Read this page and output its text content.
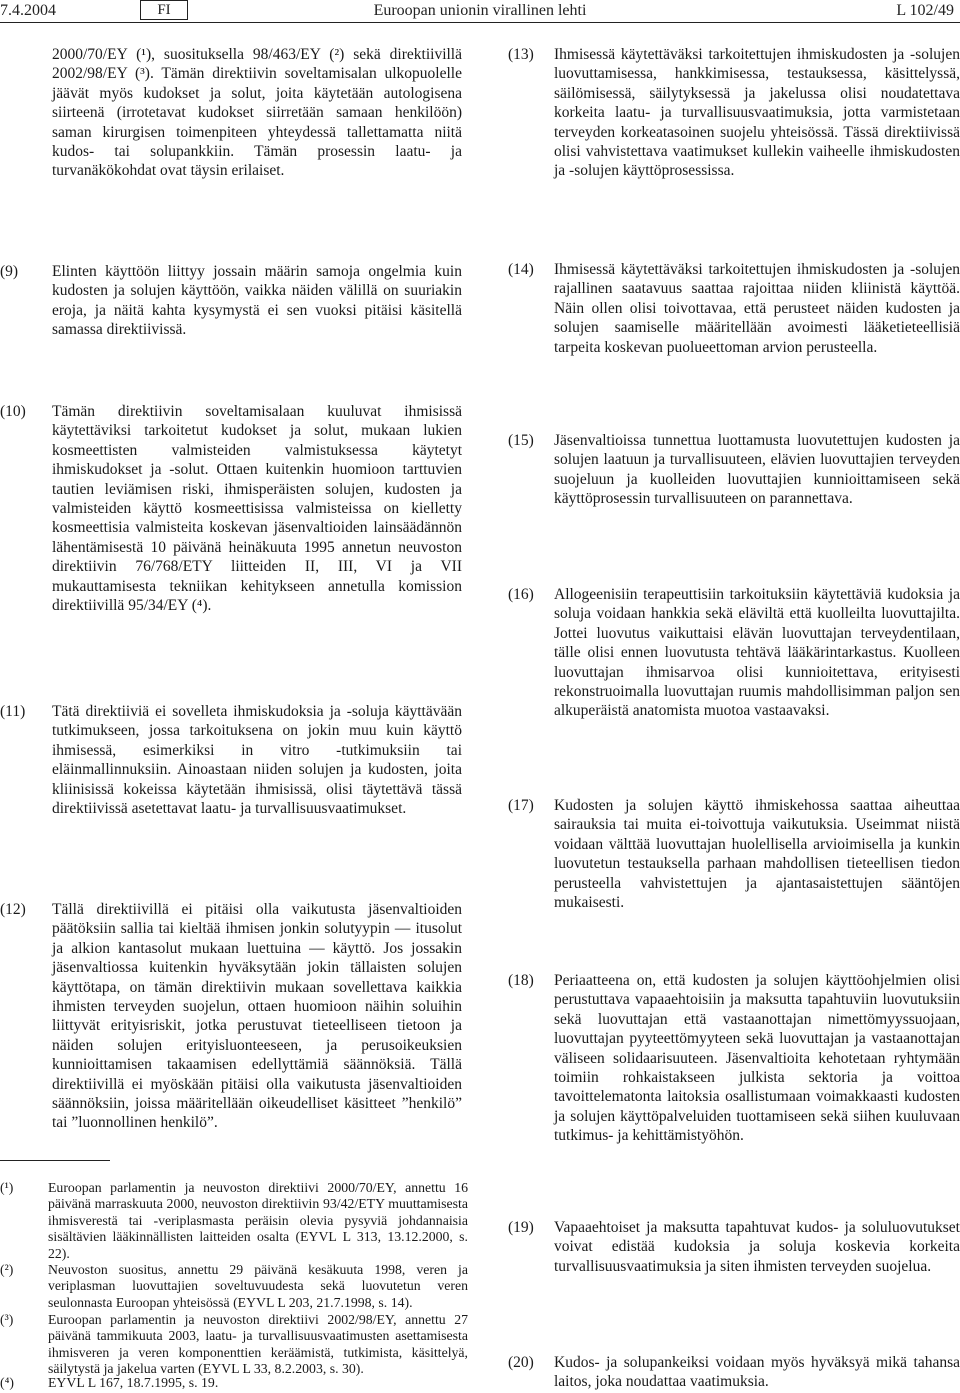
7.4.2004	FI	Euroopan unionin virallinen lehti	L 102/49
2000/70/EY (¹), suosituksella 98/463/EY (²) sekä direktiivillä 2002/98/EY (³). Tämän direktiivin soveltamisalan ulkopuolelle jäävät myös kudokset ja solut, joita käytetään autologisena siirteenä (irrotetavat kudokset siirretään samaan henkilöön) saman kirurgisen toimenpiteen yhteydessä tallettamatta niitä kudos- tai solupankkiin. Tämän prosessin laatu- ja turvanäkökohdat ovat täysin erilaiset.
(9) Elinten käyttöön liittyy jossain määrin samoja ongelmia kuin kudosten ja solujen käyttöön, vaikka näiden välillä on suuriakin eroja, ja näitä kahta kysymystä ei sen vuoksi pitäisi käsitellä samassa direktiivissä.
(10) Tämän direktiivin soveltamisalaan kuuluvat ihmisissä käytettäviksi tarkoitetut kudokset ja solut, mukaan lukien kosmeettisten valmisteiden valmistuksessa käytetyt ihmiskudokset ja -solut. Ottaen kuitenkin huomioon tarttuvien tautien leviämisen riski, ihmisperäisten solujen, kudosten ja valmisteiden käyttö kosmeettisissa valmisteissa on kielletty kosmeettisia valmisteita koskevan jäsenvaltioiden lainsäädännön lähentämisestä 10 päivänä heinäkuuta 1995 annetun neuvoston direktiivin 76/768/ETY liitteiden II, III, VI ja VII mukauttamisesta tekniikan kehitykseen annetulla komission direktiivillä 95/34/EY (⁴).
(11) Tätä direktiiviä ei sovelleta ihmiskudoksia ja -soluja käyttävään tutkimukseen, jossa tarkoituksena on jokin muu kuin käyttö ihmisessä, esimerkiksi in vitro -tutkimuksiin tai eläinmallinnuksiin. Ainoastaan niiden solujen ja kudosten, joita kliinisissä kokeissa käytetään ihmisissä, olisi täytettävä tässä direktiivissä asetettavat laatu- ja turvallisuusvaatimukset.
(12) Tällä direktiivillä ei pitäisi olla vaikutusta jäsenvaltioiden päätöksiin sallia tai kieltää ihmisen jonkin solutyypin — itusolut ja alkion kantasolut mukaan luettuina — käyttö. Jos jossakin jäsenvaltiossa kuitenkin hyväksytään jokin tällaisten solujen käyttötapa, on tämän direktiivin mukaan sovellettava kaikkia ihmisten terveyden suojelun, ottaen huomioon näihin soluihin liittyvät erityisriskit, jotka perustuvat tieteelliseen tietoon ja näiden solujen erityisluonteeseen, ja perusoikeuksien kunnioittamisen takaamisen edellyttämiä säännöksiä. Tällä direktiivillä ei myöskään pitäisi olla vaikutusta jäsenvaltioiden säännöksiin, joissa määritellään oikeudelliset käsitteet ”henkilö” tai ”luonnollinen henkilö”.
(¹)	Euroopan parlamentin ja neuvoston direktiivi 2000/70/EY, annettu 16 päivänä marraskuuta 2000, neuvoston direktiivin 93/42/ETY muuttamisesta ihmisverestä tai -veriplasmasta peräisin olevia pysyviä johdannaisia sisältävien lääkinnällisten laitteiden osalta (EYVL L 313, 13.12.2000, s. 22).
(²)	Neuvoston suositus, annettu 29 päivänä kesäkuuta 1998, veren ja veriplasman luovuttajien soveltuvuudesta sekä luovutetun veren seulonnasta Euroopan yhteisössä (EYVL L 203, 21.7.1998, s. 14).
(³)	Euroopan parlamentin ja neuvoston direktiivi 2002/98/EY, annettu 27 päivänä tammikuuta 2003, laatu- ja turvallisuusvaatimusten asettamisesta ihmisveren ja veren komponenttien keräämistä, tutkimista, käsittelyä, säilytystä ja jakelua varten (EYVL L 33, 8.2.2003, s. 30).
(⁴) EYVL L 167, 18.7.1995, s. 19.
(13) Ihmisessä käytettäväksi tarkoitettujen ihmiskudosten ja -solujen luovuttamisessa, hankkimisessa, testauksessa, käsittelyssä, säilömisessä, säilytyksessä ja jakelussa olisi noudatettava korkeita laatu- ja turvallisuusvaatimuksia, jotta varmistetaan terveyden korkeatasoinen suojelu yhteisössä. Tässä direktiivissä olisi vahvistettava vaatimukset kullekin vaiheelle ihmiskudosten ja -solujen käyttöprosessissa.
(14) Ihmisessä käytettäväksi tarkoitettujen ihmiskudosten ja -solujen rajallinen saatavuus saattaa rajoittaa niiden kliinistä käyttöä. Näin ollen olisi toivottavaa, että perusteet näiden kudosten ja solujen saamiselle määritellään avoimesti lääketieteellisiä tarpeita koskevan puolueettoman arvion perusteella.
(15) Jäsenvaltioissa tunnettua luottamusta luovutettujen kudosten ja solujen laatuun ja turvallisuuteen, elävien luovuttajien terveyden suojeluun ja kuolleiden luovuttajien kunnioittamiseen sekä käyttöprosessin turvallisuuteen on parannettava.
(16) Allogeenisiin terapeuttisiin tarkoituksiin käytettäviä kudoksia ja soluja voidaan hankkia sekä eläviltä että kuolleilta luovuttajilta. Jottei luovutus vaikuttaisi elävän luovuttajan terveydentilaan, tälle olisi ennen luovutusta tehtävä lääkärintarkastus. Kuolleen luovuttajan ihmisarvoa olisi kunnioitettava, erityisesti rekonstruoimalla luovuttajan ruumis mahdollisimman paljon sen alkuperäistä anatomista muotoa vastaavaksi.
(17) Kudosten ja solujen käyttö ihmiskehossa saattaa aiheuttaa sairauksia tai muita ei-toivottuja vaikutuksia. Useimmat niistä voidaan välttää luovuttajan huolellisella arvioimisella ja kunkin luovutetun testauksella parhaan mahdollisen tieteellisen tiedon perusteella vahvistettujen ja ajantasaistettujen sääntöjen mukaisesti.
(18) Periaatteena on, että kudosten ja solujen käyttöohjelmien olisi perustuttava vapaaehtoisiin ja maksutta tapahtuviin luovutuksiin sekä luovuttajan että vastaanottajan nimettömyyssuojaan, luovuttajan pyyteettömyyteen sekä luovuttajan ja vastaanottajan väliseen solidaarisuuteen. Jäsenvaltioita kehotetaan ryhtymään toimiin rohkaistakseen julkista sektoria ja voittoa tavoittelematonta laitoksia osallistumaan voimakkaasti kudosten ja solujen käyttöpalveluiden tuottamiseen sekä siihen kuuluvaan tutkimus- ja kehittämistyöhön.
(19) Vapaaehtoiset ja maksutta tapahtuvat kudos- ja soluluovutukset voivat edistää kudoksia ja soluja koskevia korkeita turvallisuusvaatimuksia ja siten ihmisten terveyden suojelua.
(20) Kudos- ja solupankeiksi voidaan myös hyväksyä mikä tahansa laitos, joka noudattaa vaatimuksia.
